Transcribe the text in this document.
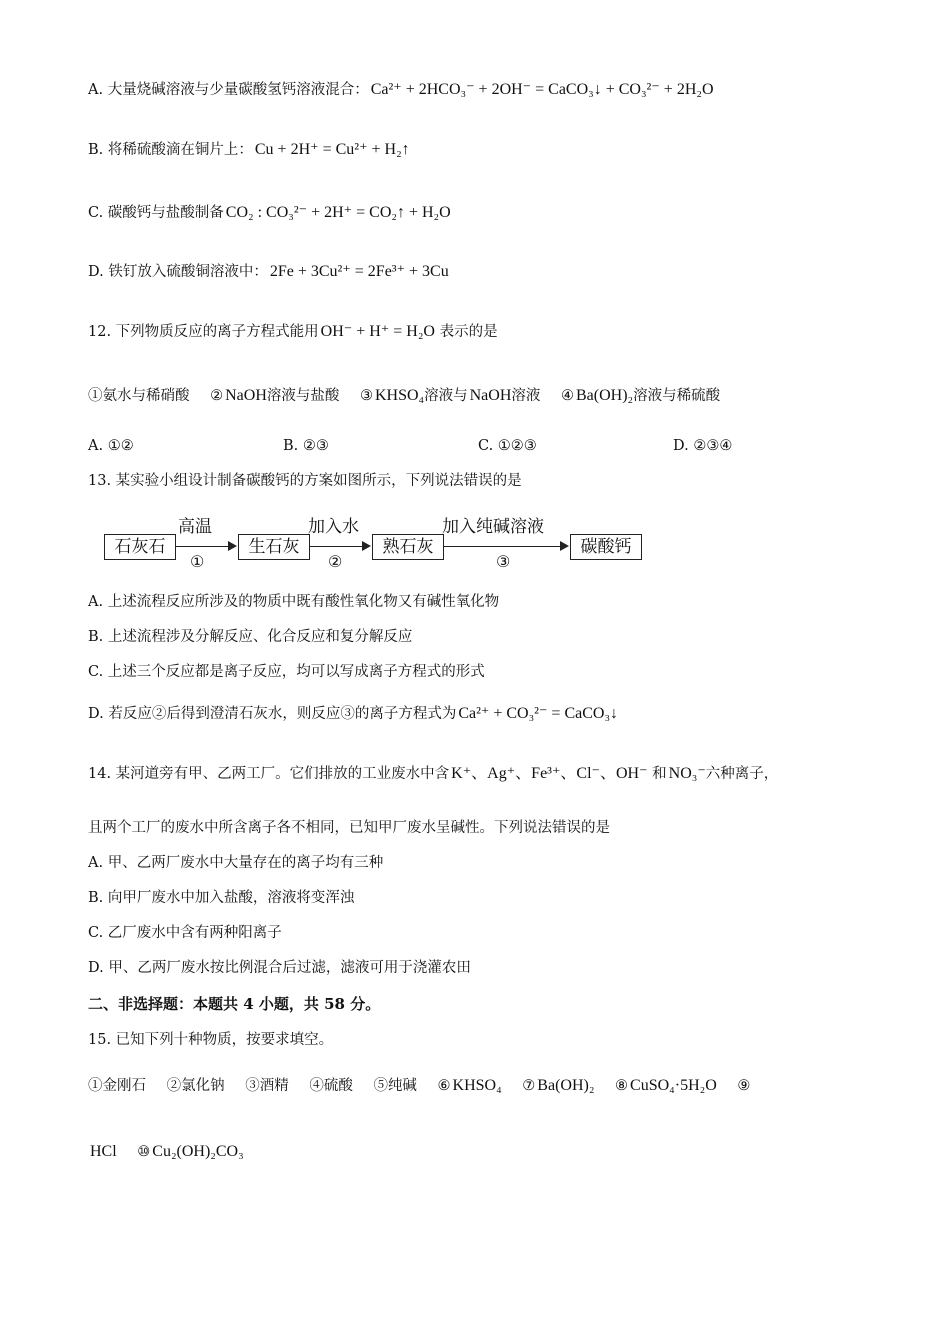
A. 大量烧碱溶液与少量碳酸氢钙溶液混合： Ca²⁺ + 2HCO₃⁻ + 2OH⁻ = CaCO₃↓ + CO₃²⁻ + 2H₂O
B. 将稀硫酸滴在铜片上： Cu + 2H⁺ = Cu²⁺ + H₂↑
C. 碳酸钙与盐酸制备 CO₂ : CO₃²⁻ + 2H⁺ = CO₂↑ + H₂O
D. 铁钉放入硫酸铜溶液中： 2Fe + 3Cu²⁺ = 2Fe³⁺ + 3Cu
12. 下列物质反应的离子方程式能用 OH⁻ + H⁺ = H₂O 表示的是
①氨水与稀硝酸 ② NaOH溶液与盐酸 ③ KHSO₄溶液与 NaOH溶液 ④ Ba(OH)₂溶液与稀硫酸
A. ①②	B. ②③	C. ①②③	D. ②③④
13. 某实验小组设计制备碳酸钙的方案如图所示，下列说法错误的是
石灰石
高温
①
生石灰
加入水
②
熟石灰
加入纯碱溶液
③
碳酸钙
A. 上述流程反应所涉及的物质中既有酸性氧化物又有碱性氧化物
B. 上述流程涉及分解反应、化合反应和复分解反应
C. 上述三个反应都是离子反应，均可以写成离子方程式的形式
D. 若反应②后得到澄清石灰水，则反应③的离子方程式为 Ca²⁺ + CO₃²⁻ = CaCO₃↓
14. 某河道旁有甲、乙两工厂。它们排放的工业废水中含 K⁺、Ag⁺、Fe³⁺、Cl⁻、OH⁻ 和 NO₃⁻六种离子，
且两个工厂的废水中所含离子各不相同，已知甲厂废水呈碱性。下列说法错误的是
A. 甲、乙两厂废水中大量存在的离子均有三种
B. 向甲厂废水中加入盐酸，溶液将变浑浊
C. 乙厂废水中含有两种阳离子
D. 甲、乙两厂废水按比例混合后过滤，滤液可用于浇灌农田
二、非选择题：本题共 4 小题，共 58 分。
15. 已知下列十种物质，按要求填空。
①金刚石 ②氯化钠 ③酒精 ④硫酸 ⑤纯碱 ⑥ KHSO₄ ⑦ Ba(OH)₂ ⑧ CuSO₄·5H₂O ⑨
HCl ⑩ Cu₂(OH)₂CO₃
